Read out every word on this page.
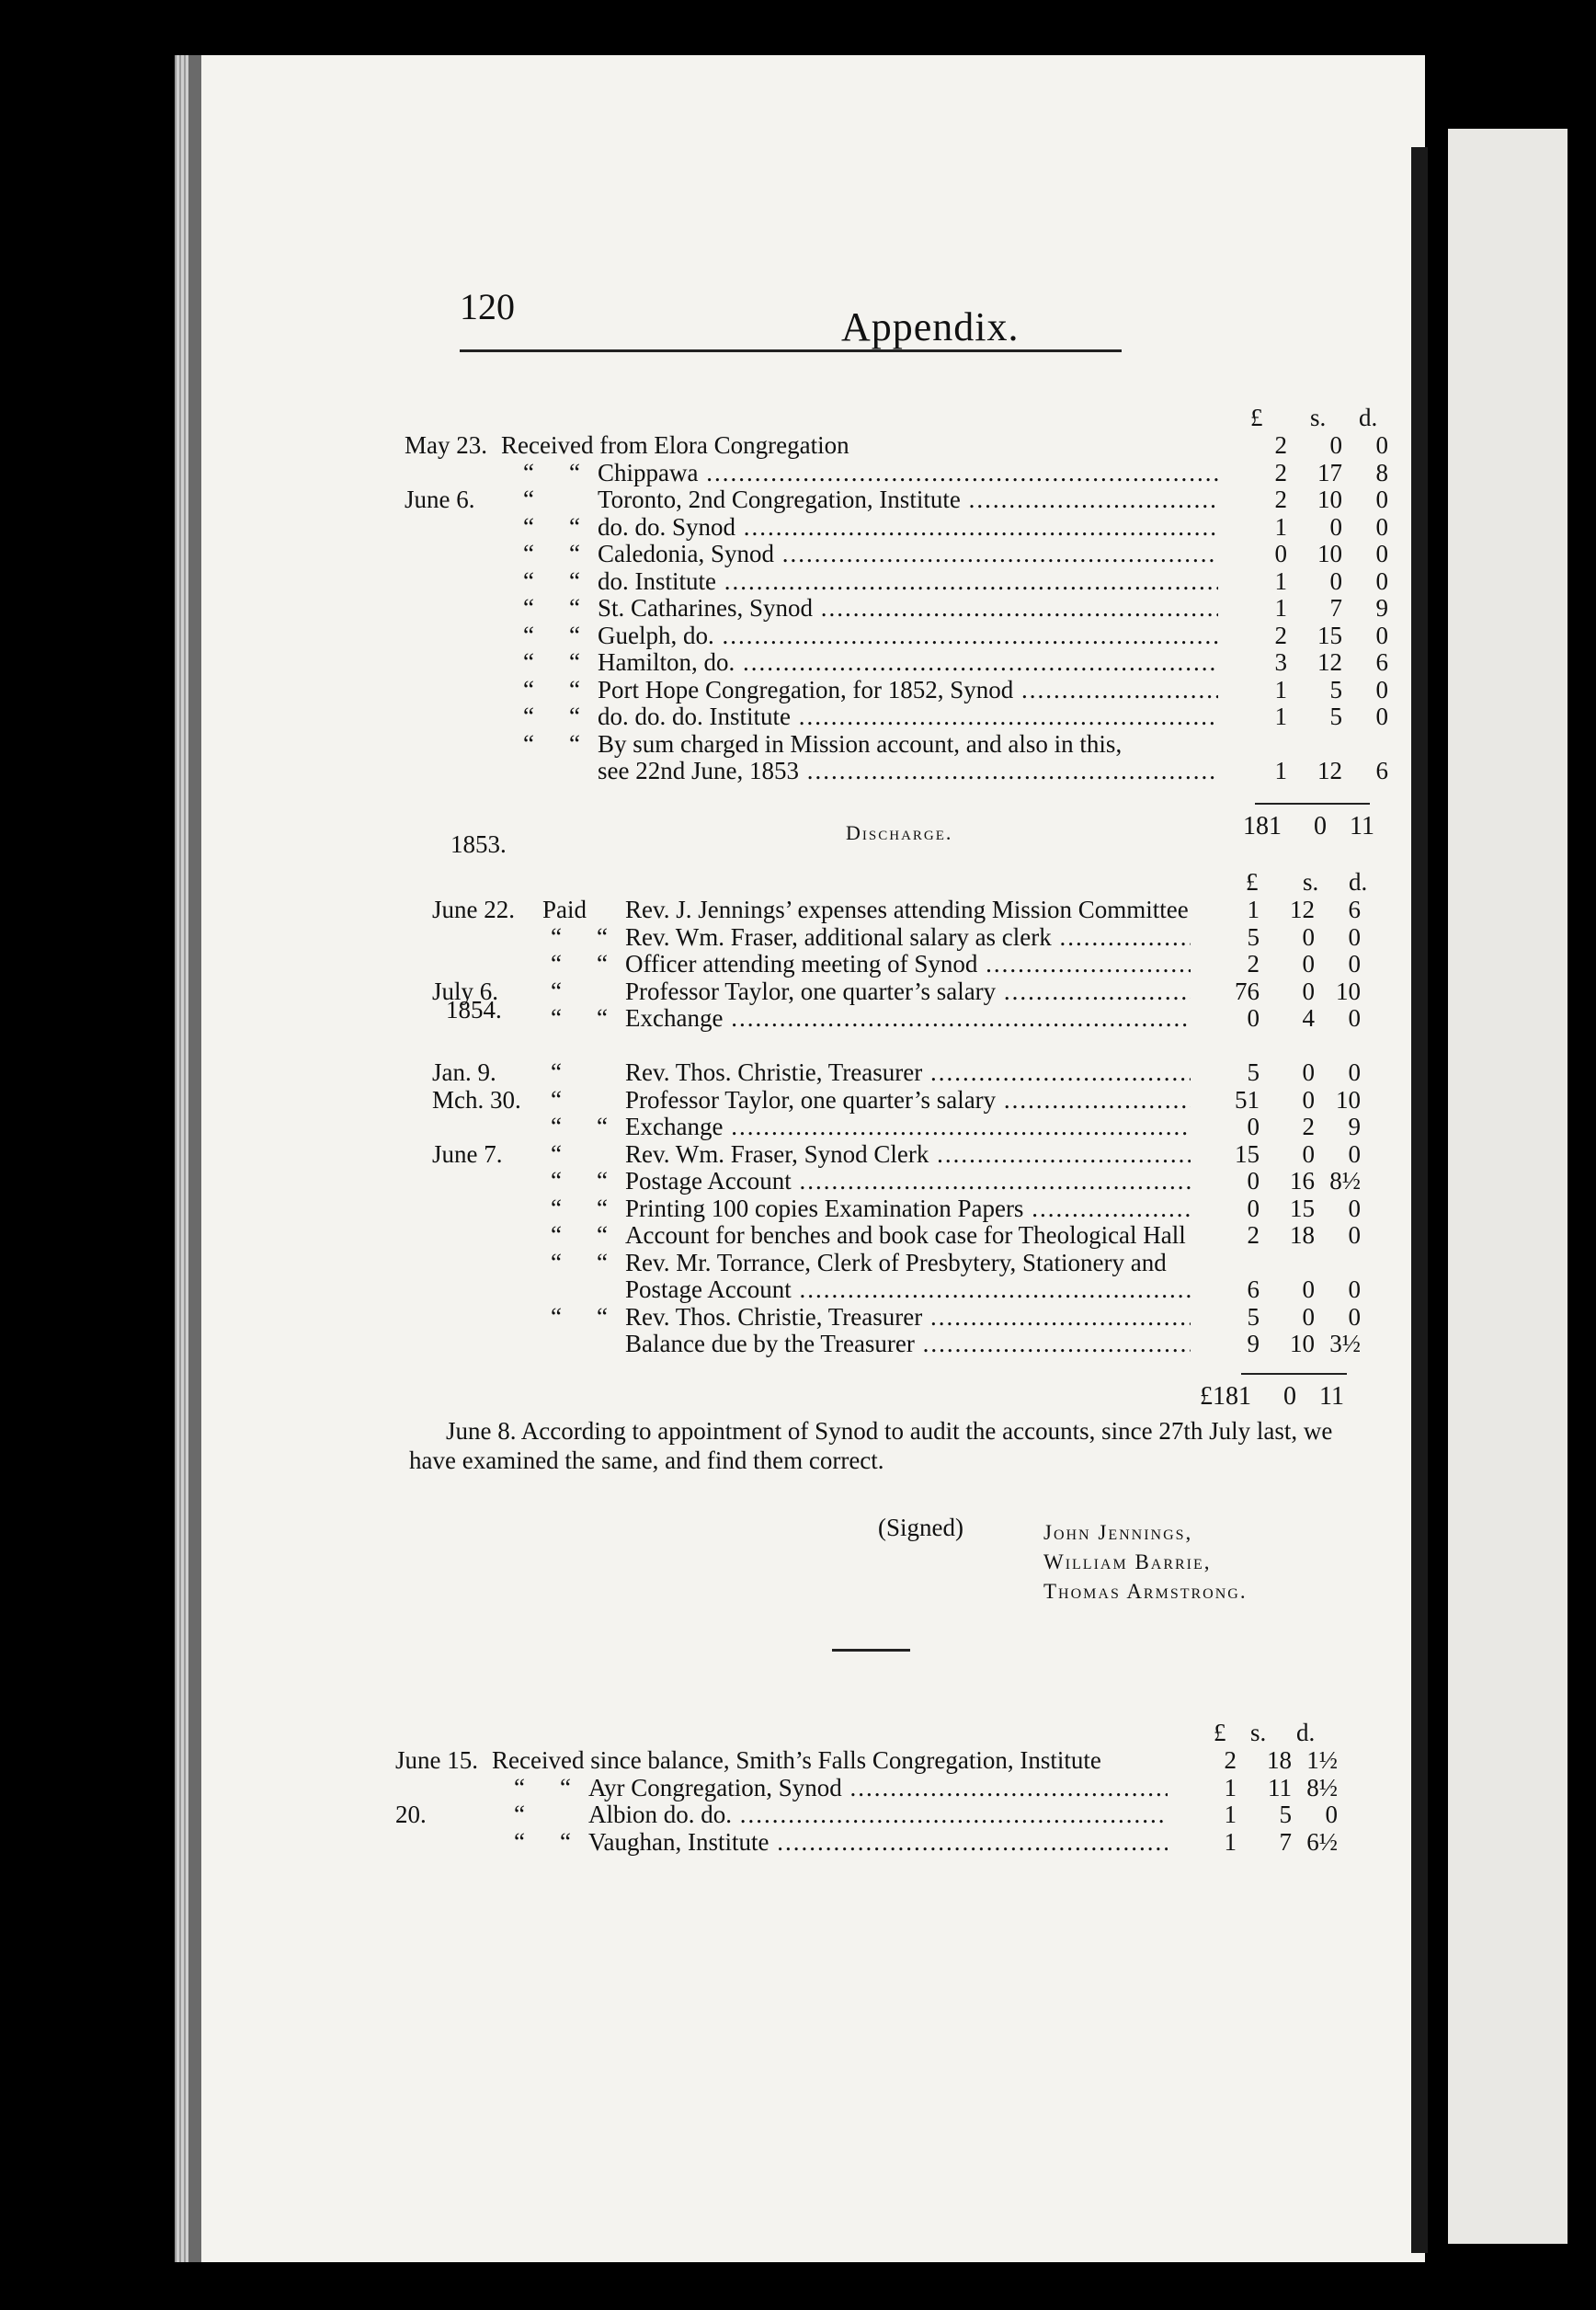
120	Appendix.
£ s. d.
May 23. Received from Elora Congregation	2	0	0
“	“ Chippawa .....	2	17	8
June 6.	“	Toronto, 2nd Congregation, Institute .....	2	10	0
“	“ do. do. Synod .....	1	0	0
“	“ Caledonia, Synod .....	0	10	0
“	“ do. Institute .....	1	0	0
“	“ St. Catharines, Synod .....	1	7	9
“	“ Guelph, do. .....	2	15	0
“	“ Hamilton, do. .....	3	12	6
“	“ Port Hope Congregation, for 1852, Synod .....	1	5	0
“	“ do. do. do. Institute .....	1	5	0
“	“ By sum charged in Mission account, and also in this,
see 22nd June, 1853 .....	1	12	6
181 0 11
Discharge.
1853.
£ s. d.
June 22.	Paid Rev. J. Jennings’ expenses attending Mission Committee .....	1	12	6
“	“ Rev. Wm. Fraser, additional salary as clerk .....	5	0	0
“	“ Officer attending meeting of Synod .....	2	0	0
July 6.	“	Professor Taylor, one quarter’s salary .....	76	0 10
“	“ Exchange .....	0	4	0
Jan. 9.	“	Rev. Thos. Christie, Treasurer .....	5	0	0
Mch. 30.	“	Professor Taylor, one quarter’s salary .....	51	0 10
“	“ Exchange .....	0	2	9
June 7.	“	Rev. Wm. Fraser, Synod Clerk .....	15	0	0
“	“ Postage Account .....	0	16 8½
“	“ Printing 100 copies Examination Papers .....	0	15	0
“	“ Account for benches and book case for Theological Hall .....	2	18	0
“	“ Rev. Mr. Torrance, Clerk of Presbytery, Stationery and
Postage Account .....	6	0	0
“	“ Rev. Thos. Christie, Treasurer .....	5	0	0
Balance due by the Treasurer .....	9	10 3½
1854.
£181 0 11
June 8. According to appointment of Synod to audit the accounts, since 27th July last, we have examined the same, and find them correct.
(Signed)	John Jennings,
William Barrie,
Thomas Armstrong.
£ s. d.
June 15. Received since balance, Smith’s Falls Congregation, Institute	2	18 1½
“	“ Ayr Congregation, Synod .....	1	11 8½
20.	“	Albion do. do. .....	1	5	0
“	“ Vaughan, Institute .....	1	7 6½
